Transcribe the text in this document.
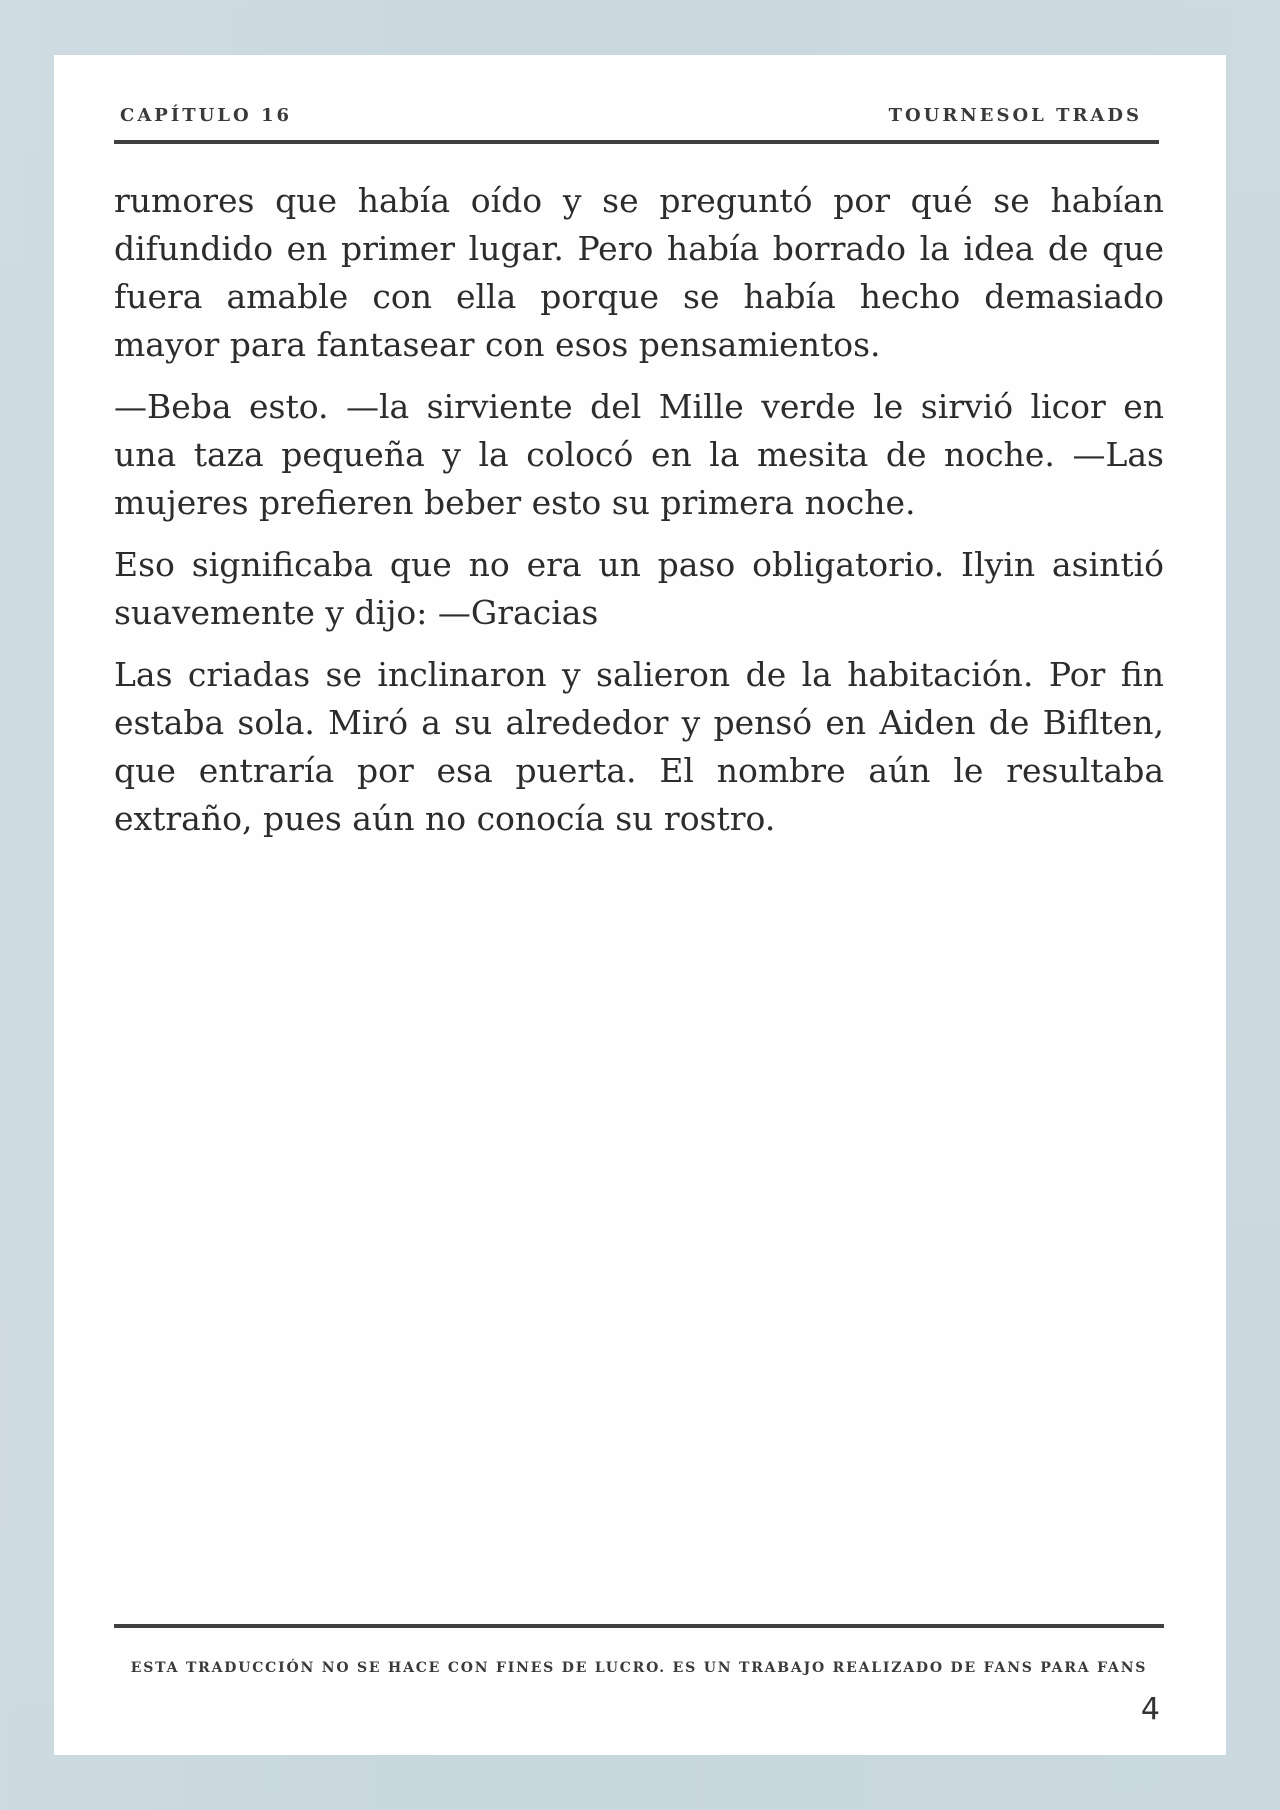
CAPÍTULO 16	TOURNESOL TRADS

rumores que había oído y se preguntó por qué se habían difundido en primer lugar. Pero había borrado la idea de que fuera amable con ella porque se había hecho demasiado mayor para fantasear con esos pensamientos.

—Beba esto. —la sirviente del Mille verde le sirvió licor en una taza pequeña y la colocó en la mesita de noche. —Las mujeres prefieren beber esto su primera noche.

Eso significaba que no era un paso obligatorio. Ilyin asintió suavemente y dijo: —Gracias

Las criadas se inclinaron y salieron de la habitación. Por fin estaba sola. Miró a su alrededor y pensó en Aiden de Biflten, que entraría por esa puerta. El nombre aún le resultaba extraño, pues aún no conocía su rostro.

ESTA TRADUCCIÓN NO SE HACE CON FINES DE LUCRO. ES UN TRABAJO REALIZADO DE FANS PARA FANS
4
